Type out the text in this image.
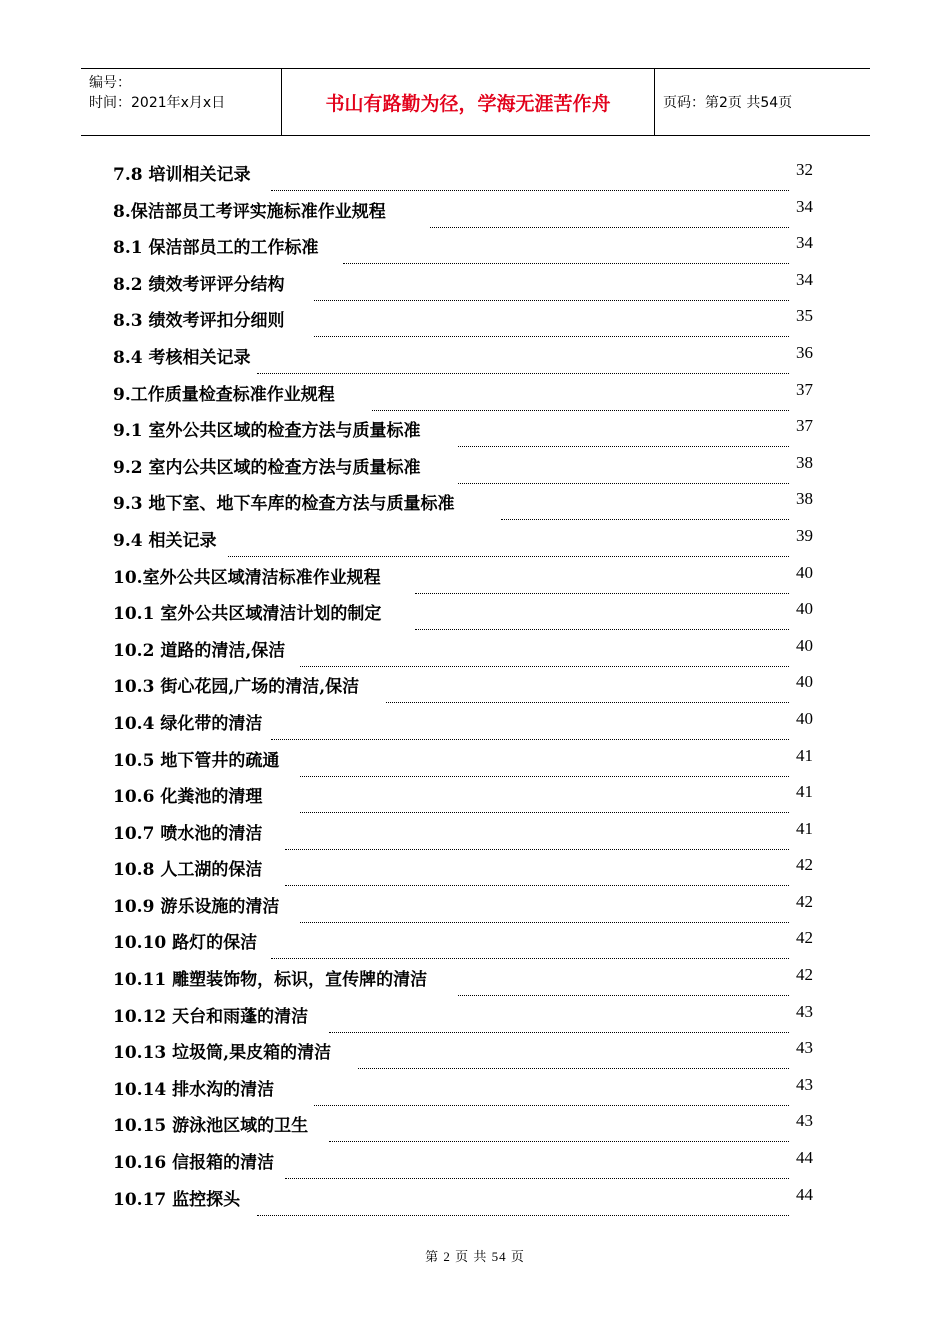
编号：
时间：2021年x月x日	书山有路勤为径，学海无涯苦作舟	页码：第2页 共54页
7.8 培训相关记录	32
8.保洁部员工考评实施标准作业规程	34
8.1 保洁部员工的工作标准	34
8.2 绩效考评评分结构	34
8.3 绩效考评扣分细则	35
8.4 考核相关记录	36
9.工作质量检查标准作业规程	37
9.1 室外公共区域的检查方法与质量标准	37
9.2 室内公共区域的检查方法与质量标准	38
9.3 地下室、地下车库的检查方法与质量标准	38
9.4 相关记录	39
10.室外公共区域清洁标准作业规程	40
10.1 室外公共区域清洁计划的制定	40
10.2 道路的清洁,保洁	40
10.3 街心花园,广场的清洁,保洁	40
10.4 绿化带的清洁	40
10.5 地下管井的疏通	41
10.6 化粪池的清理	41
10.7 喷水池的清洁	41
10.8 人工湖的保洁	42
10.9 游乐设施的清洁	42
10.10 路灯的保洁	42
10.11 雕塑装饰物，标识，宣传牌的清洁	42
10.12 天台和雨蓬的清洁	43
10.13 垃圾筒,果皮箱的清洁	43
10.14 排水沟的清洁	43
10.15 游泳池区域的卫生	43
10.16 信报箱的清洁	44
10.17 监控探头	44
第 2 页 共 54 页
